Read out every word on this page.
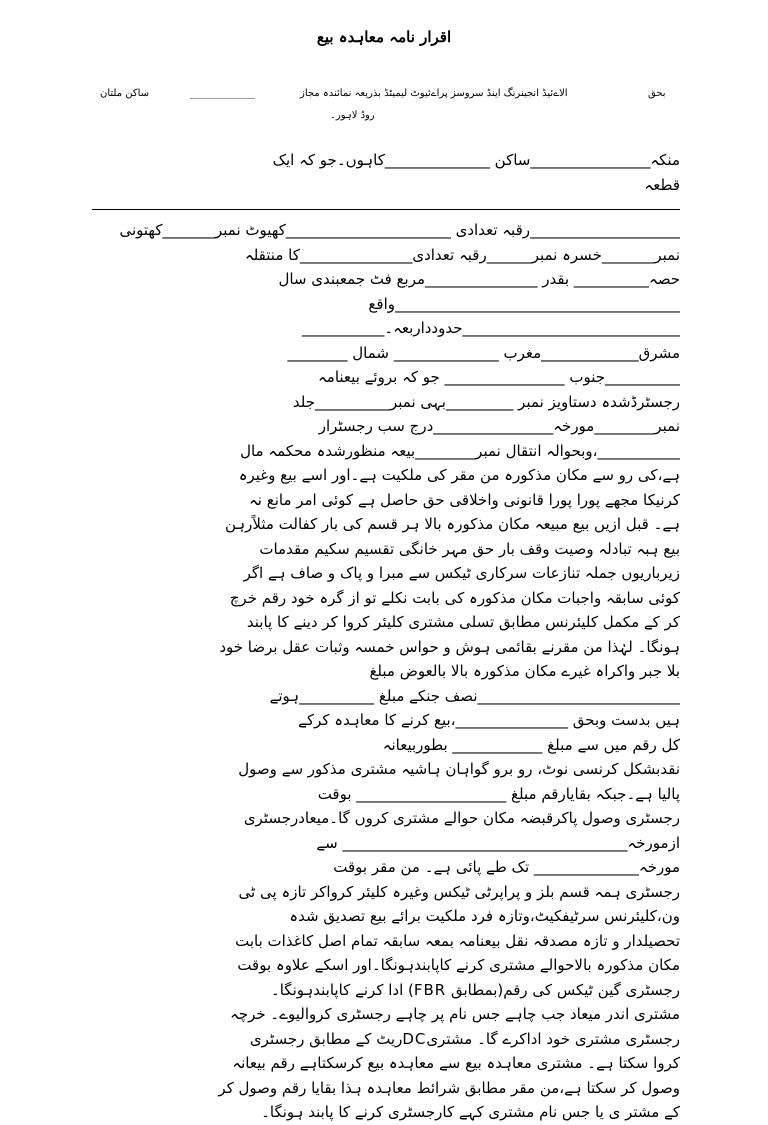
اقرار نامہ معاہدہ بیع
بحق
الاےئیڈ انجینرنگ اینڈ سروسز پراےئیوٹ لیمیٹڈ بذریعہ نمائندہ مجاز
_____________
ساکن ملتان
روڈ لاہور۔
منکہ________________ساکن ______________کاہوں۔جو کہ ایک
قطعہ
____________________رقبہ تعدادی ______________________کھیوٹ نمبر_______کھتونی
نمبر_______خسرہ نمبر______رقبہ تعدادی_______________کا منتقلہ
حصہ__________ بقدر _______________مربع فٹ جمعبندی سال
______________________________________واقع
_____________________________حدودداربعہ۔___________
مشرق_____________مغرب ______________ شمال ________
__________جنوب ________________ جو کہ بروئے بیعنامہ
رجسٹرڈشدہ دستاویز نمبر _________بہی نمبر__________جلد
نمبر________مورخہ________________درج سب رجسٹرار
___________،وبحوالہ انتقال نمبر________بیعہ منظورشدہ محکمہ مال
ہے،کی رو سے مکان مذکورہ من مقر کی ملکیت ہے۔اور اسے بیع وغیرہ
کرنیکا مجھے پورا پورا قانونی واخلاقی حق حاصل ہے کوئی امر مانع نہ
ہے۔ قبل ازیں بیع مبیعہ مکان مذکورہ بالا ہر قسم کی بار کفالت مثلاًرہن
بیع ہبہ تبادلہ وصیت وقف بار حق مہر خانگی تقسیم سکیم مقدمات
زیرباریوں جملہ تنازعات سرکاری ٹیکس سے مبرا و پاک و صاف ہے اگر
کوئی سابقہ واجبات مکان مذکورہ کی بابت نکلے تو از گرہ خود رقم خرچ
کر کے مکمل کلیئرنس مطابق تسلی مشتری کلیئر کروا کر دینے کا پابند
ہونگا۔ لہٰذا من مقرنے بقائمی ہوش و حواس خمسہ وثبات عقل برضا خود
بلا جبر واکراہ غیرے مکان مذکورہ بالا بالعوض مبلغ
___________________________نصف جنکے مبلغ __________ہوتے
ہیں بدست وبحق _______________،بیع کرنے کا معاہدہ کرکے
کل رقم میں سے مبلغ ____________ بطوربیعانہ
نقدبشکل کرنسی نوٹ، رو برو گواہان ہاشیہ مشتری مذکور سے وصول
پالیا ہے۔جبکہ بقایارقم مبلغ ____________________ بوقت
رجسٹری وصول پاکرقبضہ مکان حوالے مشتری کروں گا۔میعادرجسٹری
ازمورخہ______________________________________ سے
مورخہ______________ تک طے پائی ہے۔ من مقر بوقت
رجسٹری ہمہ قسم بلز و پراپرٹی ٹیکس وغیرہ کلیئر کرواکر تازہ پی ٹی
ون،کلیئرنس سرٹیفکیٹ،وتازہ فرد ملکیت برائے بیع تصدیق شدہ
تحصیلدار و تازہ مصدقہ نقل بیعنامہ بمعہ سابقہ تمام اصل کاغذات بابت
مکان مذکورہ بالاحوالے مشتری کرنے کاپابندہونگا۔اور اسکے علاوہ بوقت
رجسٹری گین ٹیکس کی رقم(بمطابق FBR) ادا کرنے کاپابندہونگا۔
مشتری اندر میعاد جب چاہے جس نام پر چاہے رجسٹری کروالیوے۔ خرچہ
رجسٹری مشتری خود اداکرے گا۔ مشتریDCریٹ کے مطابق رجسٹری
کروا سکتا ہے۔ مشتری معاہدہ بیع سے معاہدہ بیع کرسکتاہے رقم بیعانہ
وصول کر سکتا ہے،من مقر مطابق شرائط معاہدہ ہذا بقایا رقم وصول کر
کے مشتر ی یا جس نام مشتری کہے کارجسٹری کرنے کا پابند ہونگا۔
